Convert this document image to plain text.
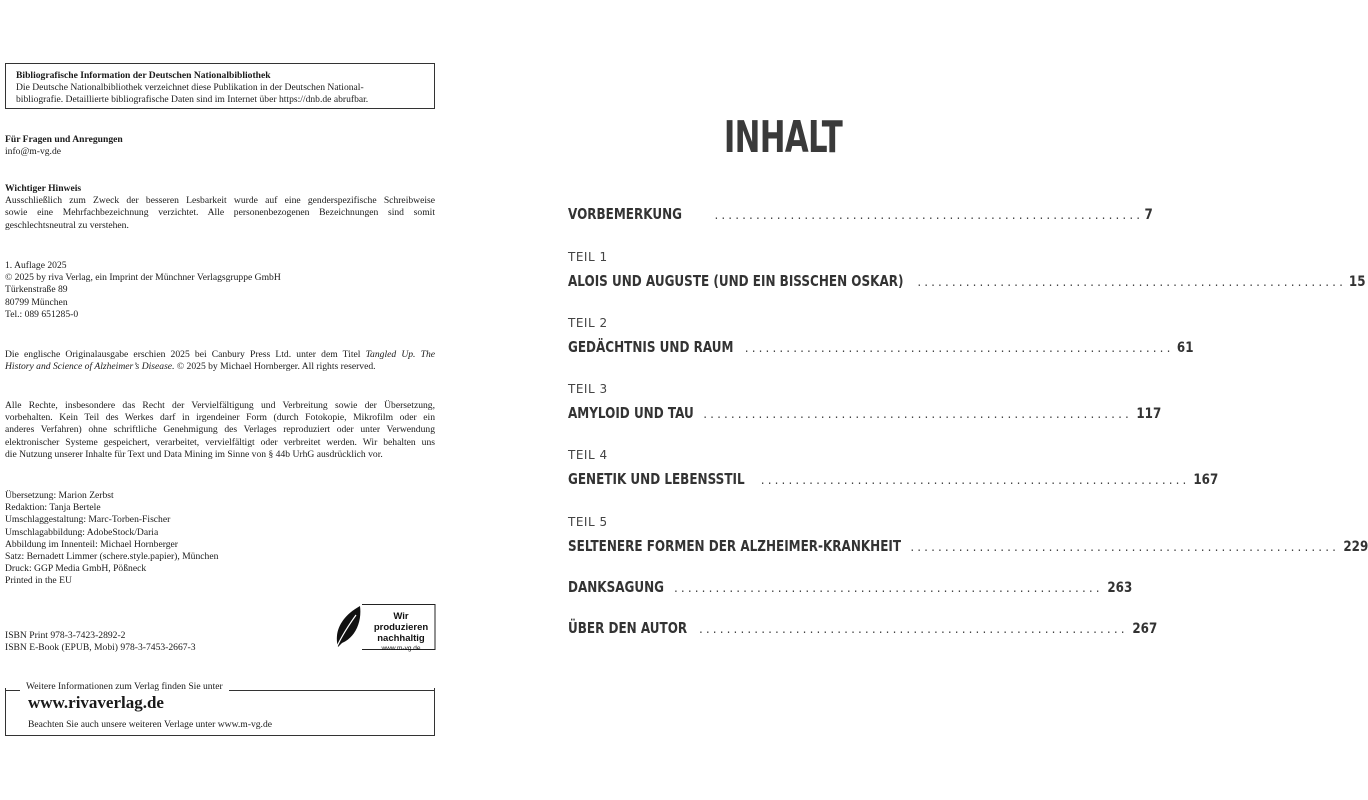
Bibliografische Information der Deutschen Nationalbibliothek

Die Deutsche Nationalbibliothek verzeichnet diese Publikation in der Deutschen National-

bibliografie. Detaillierte bibliografische Daten sind im Internet über https://dnb.de abrufbar.

Für Fragen und Anregungen

info@m-vg.de

Wichtiger Hinweis

Ausschließlich zum Zweck der besseren Lesbarkeit wurde auf eine genderspezifische Schreibweise

sowie eine Mehrfachbezeichnung verzichtet. Alle personenbezogenen Bezeichnungen sind somit

geschlechtsneutral zu verstehen.

1. Auflage 2025

© 2025 by riva Verlag, ein Imprint der Münchner Verlagsgruppe GmbH

Türkenstraße 89

80799 München

Tel.: 089 651285-0

Die englische Originalausgabe erschien 2025 bei Canbury Press Ltd. unter dem Titel Tangled Up. The

History and Science of Alzheimer’s Disease. © 2025 by Michael Hornberger. All rights reserved.

Alle Rechte, insbesondere das Recht der Vervielfältigung und Verbreitung sowie der Übersetzung,

vorbehalten. Kein Teil des Werkes darf in irgendeiner Form (durch Fotokopie, Mikrofilm oder ein

anderes Verfahren) ohne schriftliche Genehmigung des Verlages reproduziert oder unter Verwendung

elektronischer Systeme gespeichert, verarbeitet, vervielfältigt oder verbreitet werden. Wir behalten uns

die Nutzung unserer Inhalte für Text und Data Mining im Sinne von § 44b UrhG ausdrücklich vor.

Übersetzung: Marion Zerbst

Redaktion: Tanja Bertele

Umschlaggestaltung: Marc-Torben-Fischer

Umschlagabbildung: AdobeStock/Daria

Abbildung im Innenteil: Michael Hornberger

Satz: Bernadett Limmer (schere.style.papier), München

Druck: GGP Media GmbH, Pößneck

Printed in the EU

Wir produzieren
nachhaltig
www.m-vg.de

ISBN Print 978-3-7423-2892-2

ISBN E-Book (EPUB, Mobi) 978-3-7453-2667-3

Weitere Informationen zum Verlag finden Sie unter
www.rivaverlag.de
Beachten Sie auch unsere weiteren Verlage unter www.m-vg.de
INHALT
VORBEMERKUNG	.............................................................. 7
TEIL 1
ALOIS UND AUGUSTE (UND EIN BISSCHEN OSKAR) .............................................................. 15
TEIL 2
GEDÄCHTNIS UND RAUM .............................................................. 61
TEIL 3
AMYLOID UND TAU .............................................................. 117
TEIL 4
GENETIK UND LEBENSSTIL .............................................................. 167
TEIL 5
SELTENERE FORMEN DER ALZHEIMER-KRANKHEIT .............................................................. 229
DANKSAGUNG .............................................................. 263
ÜBER DEN AUTOR .............................................................. 267
